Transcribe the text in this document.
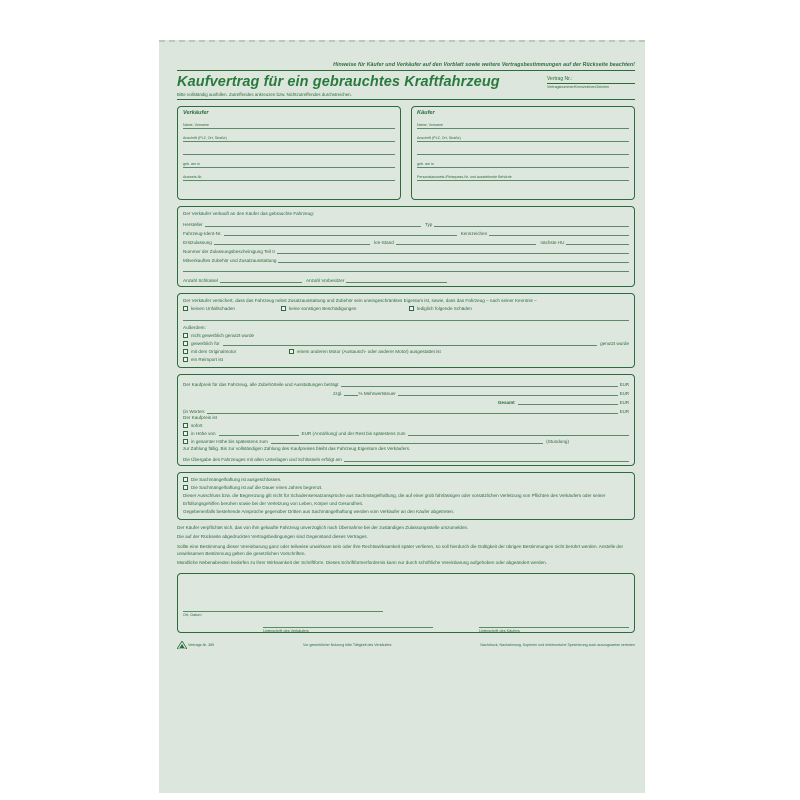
Hinweise für Käufer und Verkäufer auf den Vorblatt sowie weitere Vertragsbestimmungen auf der Rückseite beachten!
Kaufvertrag für ein gebrauchtes Kraftfahrzeug	Vertrag Nr.:
Vertragsnummer/Kennzeichen/Zeichen
Bitte vollständig ausfüllen. Zutreffendes ankreuzen bzw. Nichtzutreffendes durchstreichen.
Verkäufer
Name, Vorname
Anschrift (PLZ, Ort, Straße)
geb. am in
Ausweis-Nr.
Käufer
Name, Vorname
Anschrift (PLZ, Ort, Straße)
geb. am in
Personalausweis-/Reisepass-Nr. und ausstellende Behörde
Der Verkäufer verkauft an den Käufer das gebrauchte Fahrzeug:
Hersteller	Typ
Fahrzeug-Ident-Nr.	Kennzeichen
Erstzulassung	km-Stand	nächste HU
Nummer der Zulassungsbescheinigung Teil II
Mitverkauftes Zubehör und Zusatzausstattung
Anzahl Schlüssel	Anzahl Vorbesitzer
Der Verkäufer versichert, dass das Fahrzeug nebst Zusatzausstattung und Zubehör sein uneingeschränktes Eigentum ist, sowie, dass das Fahrzeug – nach seiner Kenntnis –
keinen Unfallschaden	keine sonstigen Beschädigungen	lediglich folgende Schäden
Außerdem:
nicht gewerblich genutzt wurde
gewerblich für	genutzt wurde
mit dem Originalmotor	einem anderen Motor (Austausch- oder anderer Motor) ausgestattet ist
ein Reimport ist
Der Kaufpreis für das Fahrzeug, alle Zubehörteile und Ausstattungen beträgt	EUR
zzgl.	% Mehrwertsteuer	EUR
Gesamt	EUR
(in Worten:	EUR
Der Kaufpreis ist
sofort
in Höhe von	EUR (Anzahlung) und der Rest bis spätestens zum
in gesamter Höhe bis spätestens zum	(Stundung)
zur Zahlung fällig. Bis zur vollständigen Zahlung des Kaufpreises bleibt das Fahrzeug Eigentum des Verkäufers.
Die Übergabe des Fahrzeuges mit allen Unterlagen und Schlüsseln erfolgt am
Die Sachmängelhaftung ist ausgeschlossen.
Die Sachmängelhaftung ist auf die Dauer eines Jahres begrenzt.
Dieser Ausschluss bzw. die Begrenzung gilt nicht für Schadensersatzansprüche aus Sachmängelhaftung, die auf einer grob fahrlässigen oder vorsätzlichen Verletzung von Pflichten des Verkäufers oder seiner Erfüllungsgehilfen beruhen sowie bei der Verletzung von Leben, Körper und Gesundheit.
Gegebenenfalls bestehende Ansprüche gegenüber Dritten aus Sachmängelhaftung werden vom Verkäufer an den Käufer abgetreten.

Der Käufer verpflichtet sich, das von ihm gekaufte Fahrzeug unverzüglich nach Übernahme bei der zuständigen Zulassungsstelle umzumelden.

Die auf der Rückseite abgedruckten Vertragsbedingungen sind Gegenstand dieses Vertrages.

Sollte eine Bestimmung dieser Vereinbarung ganz oder teilweise unwirksam sein oder ihre Rechtswirksamkeit später verlieren, so soll hierdurch die Gültigkeit der übrigen Bestimmungen nicht berührt werden. Anstelle der unwirksamen Bestimmung gelten die gesetzlichen Vorschriften.

Mündliche Nebenabreden bedürfen zu ihrer Wirksamkeit der Schriftform. Dieses Schriftformerfordernis kann nur durch schriftliche Vereinbarung aufgehoben oder abgeändert werden.

Ort, Datum
Unterschrift des Verkäufers	Unterschrift des Käufers
Vertrags-Nr. 389	Vor gewerblicher Nutzung bitte Tätigkeit des Verkäufers	Nachdruck, Nachahmung, Kopieren und elektronische Speicherung auch auszugsweise verboten
